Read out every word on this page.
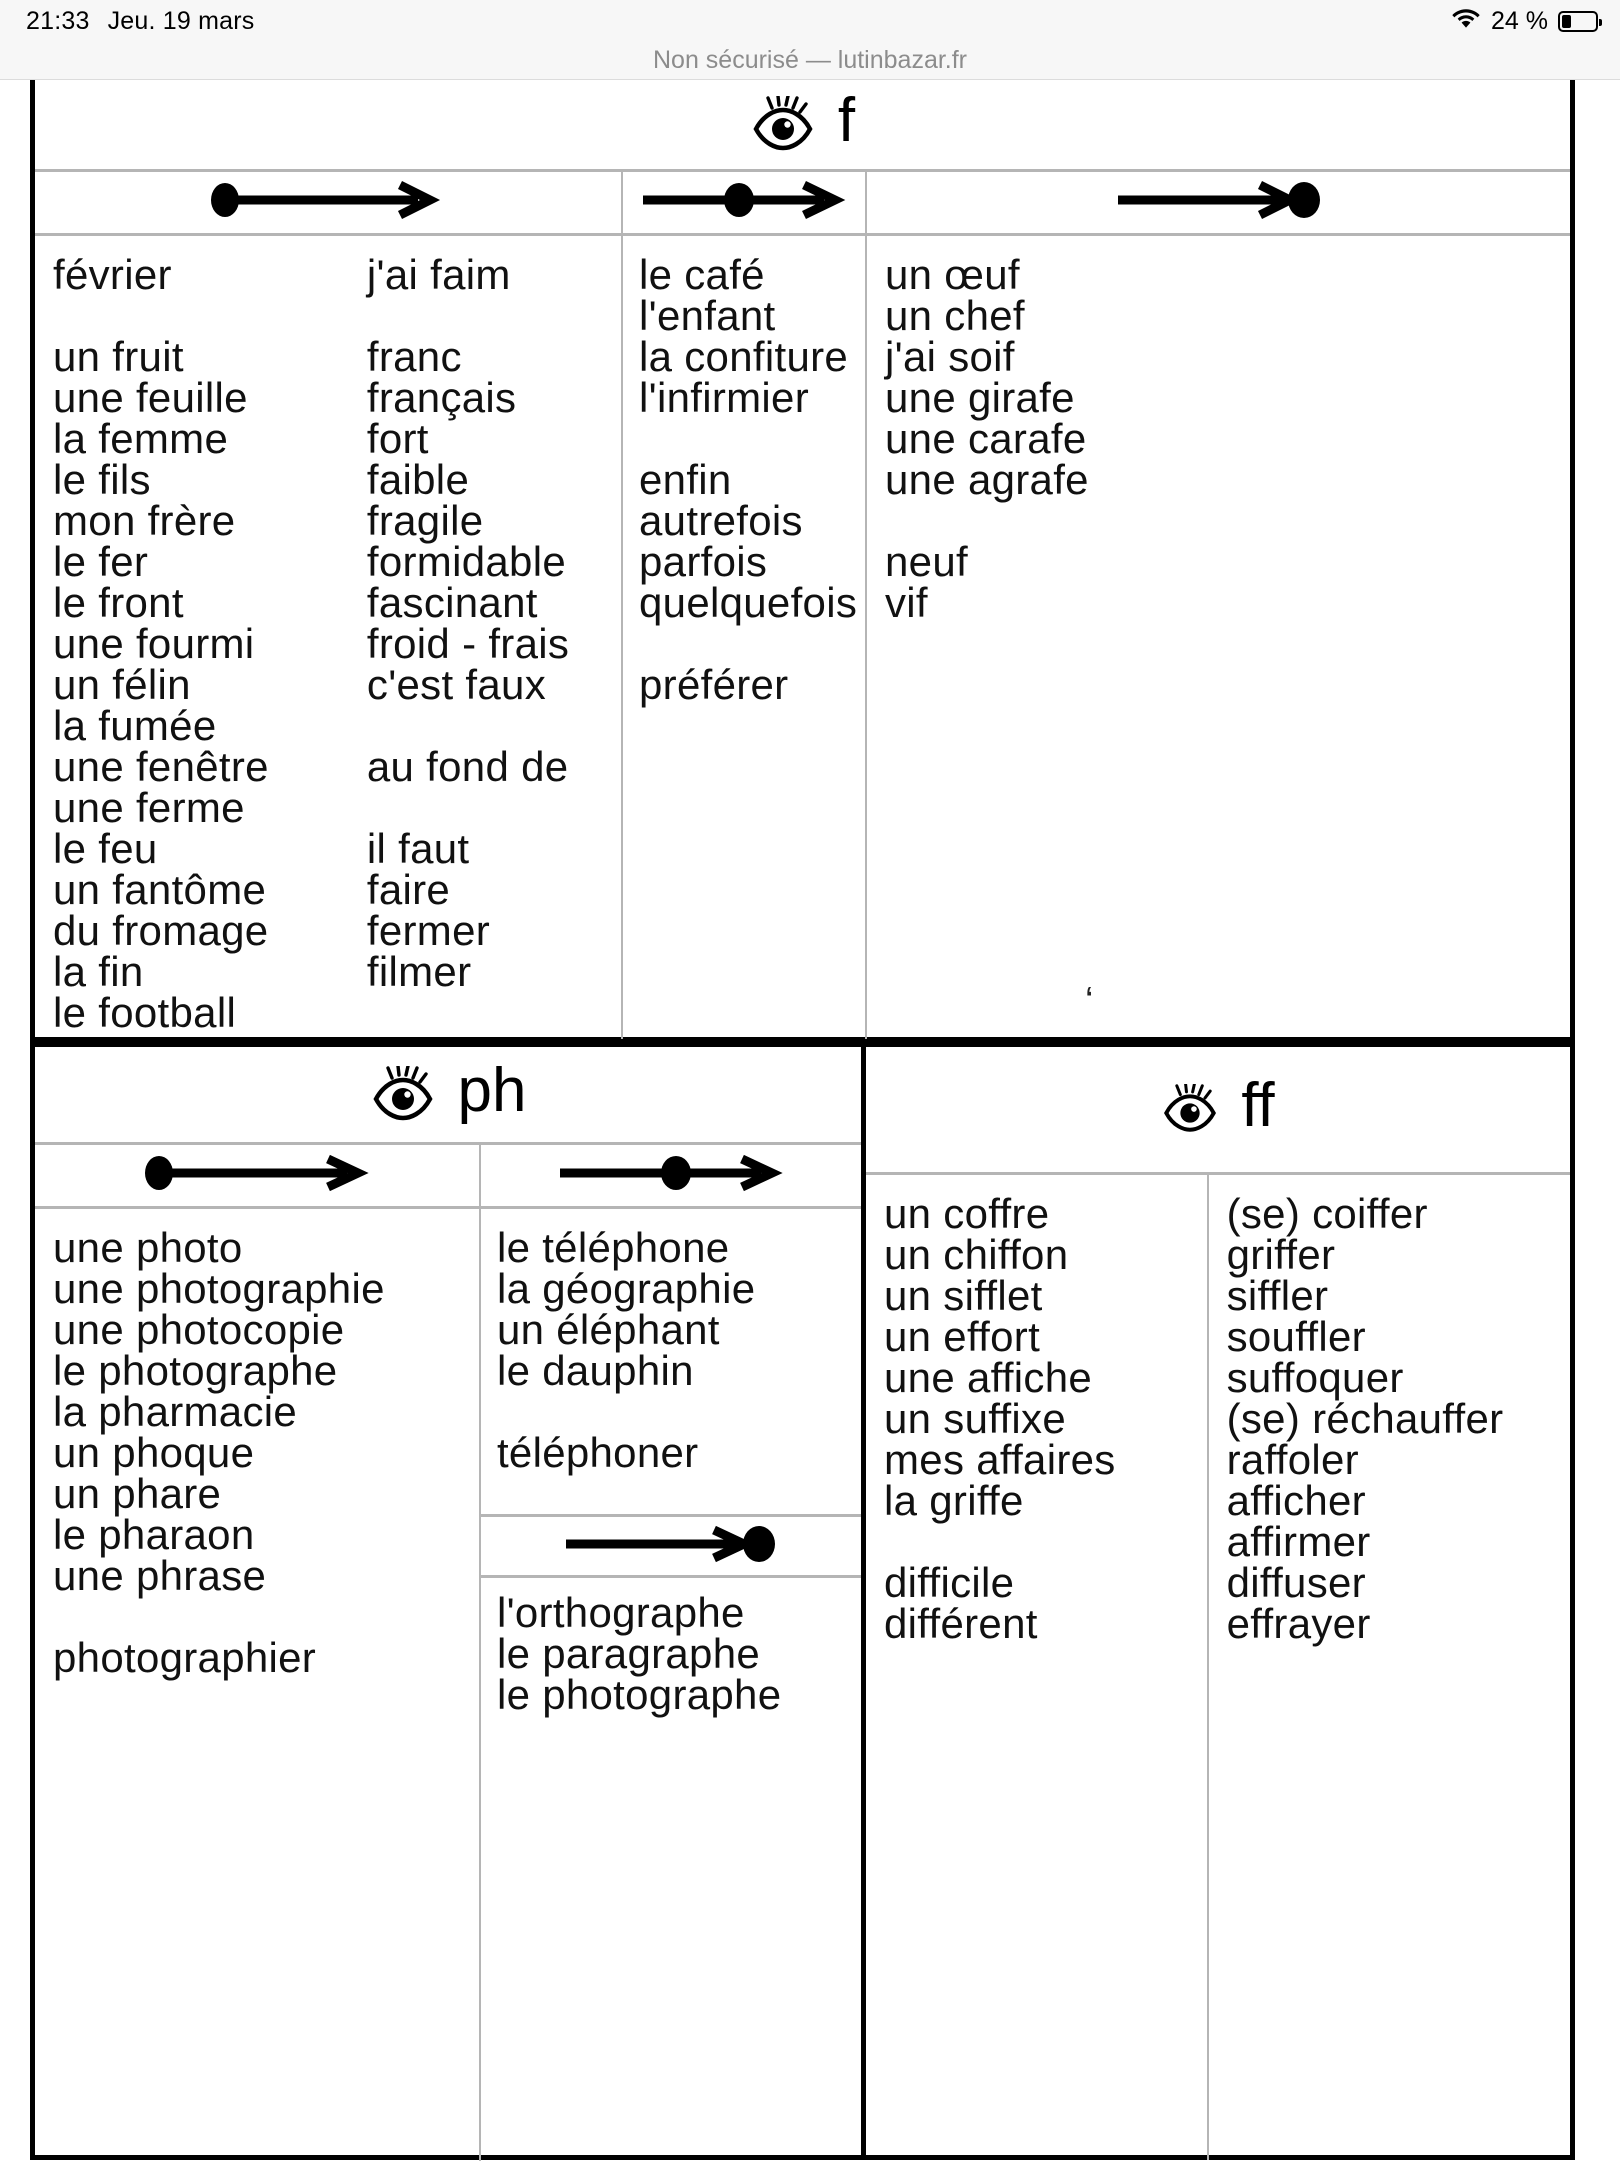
21:33 Jeu. 19 mars	24 %
Non sécurisé — lutinbazar.fr
f
février

un fruit
une feuille
la femme
le fils
mon frère
le fer
le front
une fourmi
un félin
la fumée
une fenêtre
une ferme
le feu
un fantôme
du fromage
la fin
le football
j'ai faim

franc
français
fort
faible
fragile
formidable
fascinant
froid - frais
c'est faux

au fond de

il faut
faire
fermer
filmer
le café
l'enfant
la confiture
l'infirmier

enfin
autrefois
parfois
quelquefois

préférer
un œuf
un chef
j'ai soif
une girafe
une carafe
une agrafe

neuf
vif
‘
ph
une photo
une photographie
une photocopie
le photographe
la pharmacie
un phoque
un phare
le pharaon
une phrase

photographier
le téléphone
la géographie
un éléphant
le dauphin

téléphoner

l'orthographe
le paragraphe
le photographe
ff
un coffre
un chiffon
un sifflet
un effort
une affiche
un suffixe
mes affaires
la griffe

difficile
différent
(se) coiffer
griffer
siffler
souffler
suffoquer
(se) réchauffer
raffoler
afficher
affirmer
diffuser
effrayer
